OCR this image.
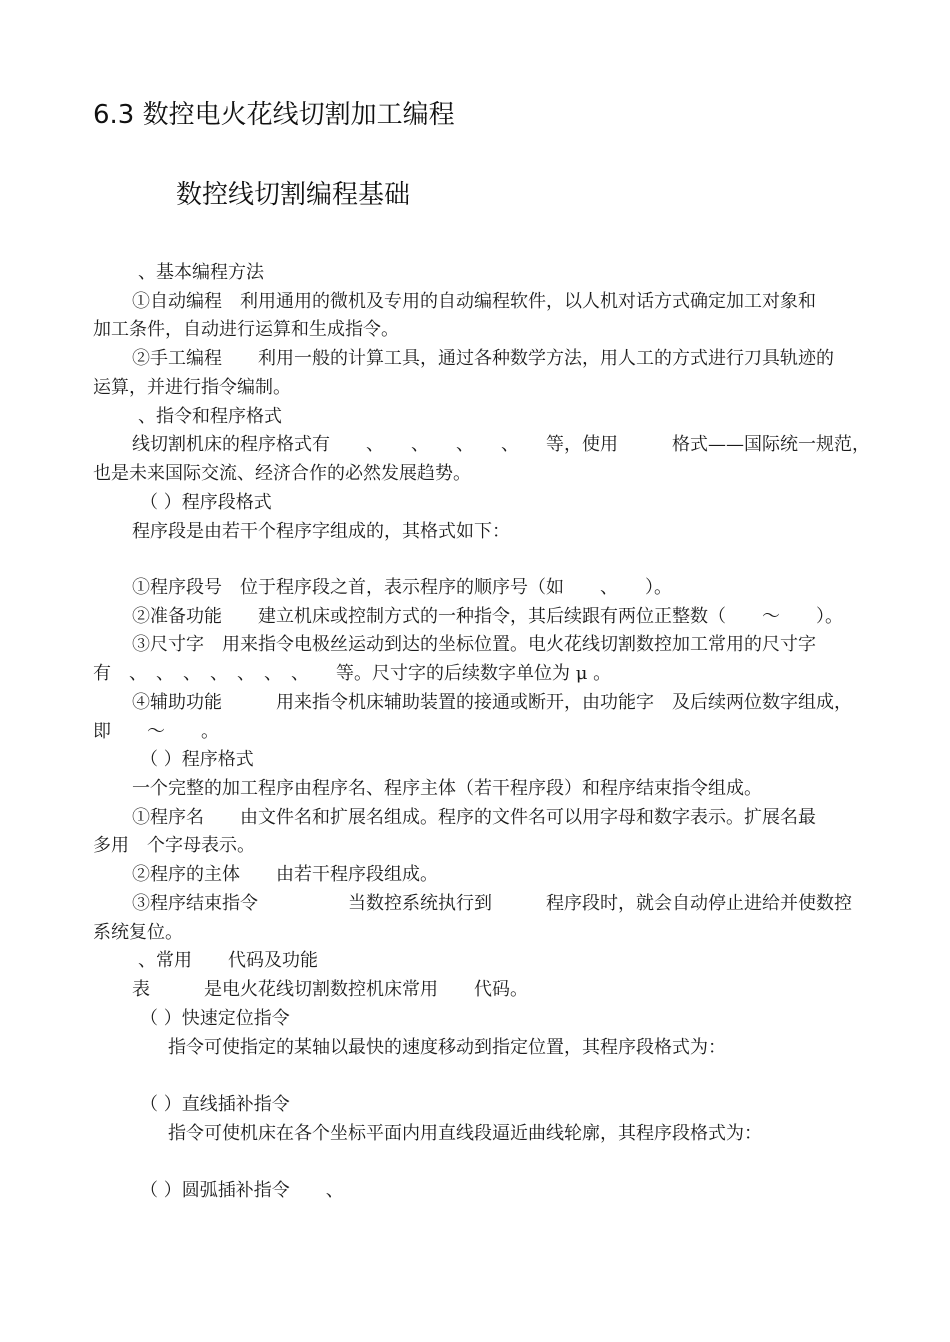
6.3 数控电火花线切割加工编程
数控线切割编程基础
、基本编程方法
①自动编程　利用通用的微机及专用的自动编程软件，以人机对话方式确定加工对象和
加工条件，自动进行运算和生成指令。
②手工编程　　利用一般的计算工具，通过各种数学方法，用人工的方式进行刀具轨迹的
运算，并进行指令编制。
、指令和程序格式
线切割机床的程序格式有　　、　　、　　、　　、　　等，使用　　　格式——国际统一规范，
也是未来国际交流、经济合作的必然发展趋势。
（ ）程序段格式
程序段是由若干个程序字组成的，其格式如下：
①程序段号　位于程序段之首，表示程序的顺序号（如　　、　　）。
②准备功能　　建立机床或控制方式的一种指令，其后续跟有两位正整数（　　～　　）。
③尺寸字　用来指令电极丝运动到达的坐标位置。电火花线切割数控加工常用的尺寸字
有　、　、　、　、　、　、　、　　等。尺寸字的后续数字单位为 μ 。
④辅助功能　　　用来指令机床辅助装置的接通或断开，由功能字　及后续两位数字组成，
即　　～　　。
（ ）程序格式
一个完整的加工程序由程序名、程序主体（若干程序段）和程序结束指令组成。
①程序名　　由文件名和扩展名组成。程序的文件名可以用字母和数字表示。扩展名最
多用　个字母表示。
②程序的主体　　由若干程序段组成。
③程序结束指令　　　　　当数控系统执行到　　　程序段时，就会自动停止进给并使数控
系统复位。
、常用　　代码及功能
表　　　是电火花线切割数控机床常用　　代码。
（ ）快速定位指令
指令可使指定的某轴以最快的速度移动到指定位置，其程序段格式为：
（ ）直线插补指令
指令可使机床在各个坐标平面内用直线段逼近曲线轮廓，其程序段格式为：
（ ）圆弧插补指令　　、
